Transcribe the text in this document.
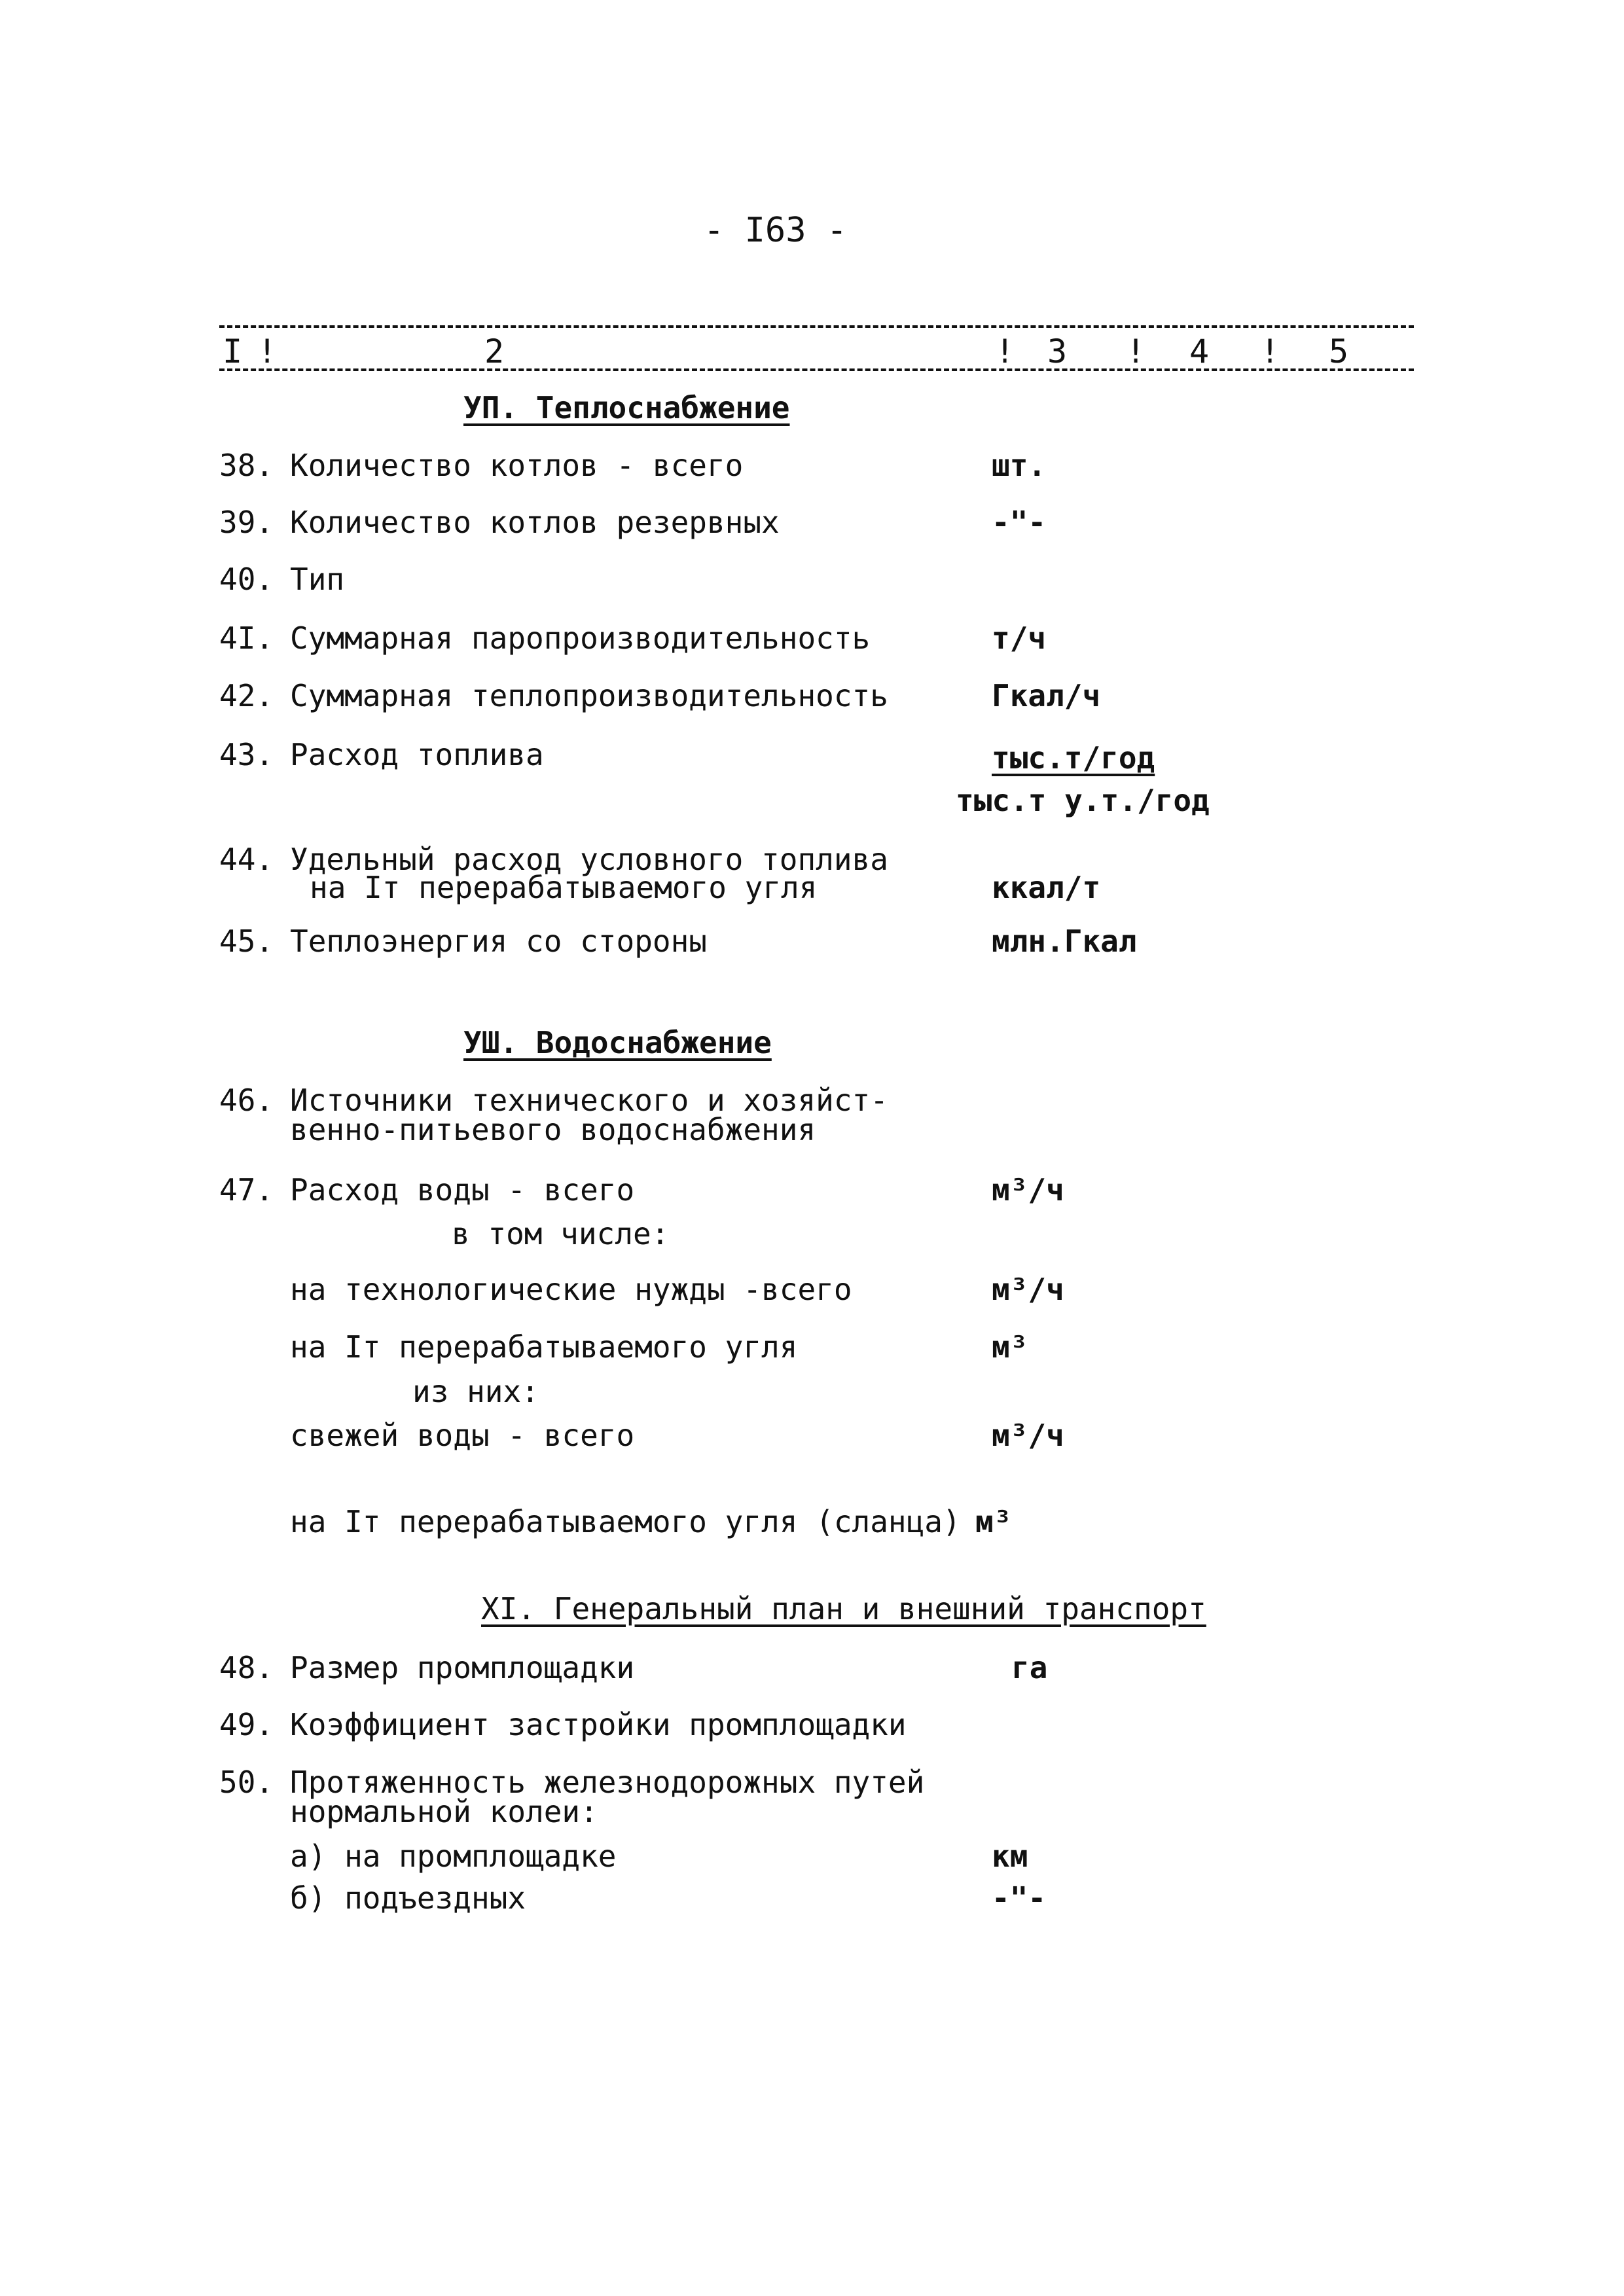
- I63 -
I !	2	! 3 ! 4 ! 5
УП. Теплоснабжение
38. Количество котлов - всего	шт.
39. Количество котлов резервных	-"-
40. Тип
4I. Суммарная паропроизводительность	т/ч
42. Суммарная теплопроизводительность	Гкал/ч
43. Расход топлива	тыс.т/год
тыс.т у.т./год
44. Удельный расход условного топлива
на Iт перерабатываемого угля	ккал/т
45. Теплоэнергия со стороны	млн.Гкал
УШ. Водоснабжение
46. Источники технического и хозяйст-
венно-питьевого водоснабжения
47. Расход воды - всего	м³/ч
в том числе:
на технологические нужды -всего	м³/ч
на Iт перерабатываемого угля	м³
из них:
свежей воды - всего	м³/ч
на Iт перерабатываемого угля (сланца) м³
XI. Генеральный план и внешний транспорт
48. Размер промплощадки	га
49. Коэффициент застройки промплощадки
50. Протяженность железнодорожных путей
нормальной колеи:
а) на промплощадке	км
б) подъездных	-"-
